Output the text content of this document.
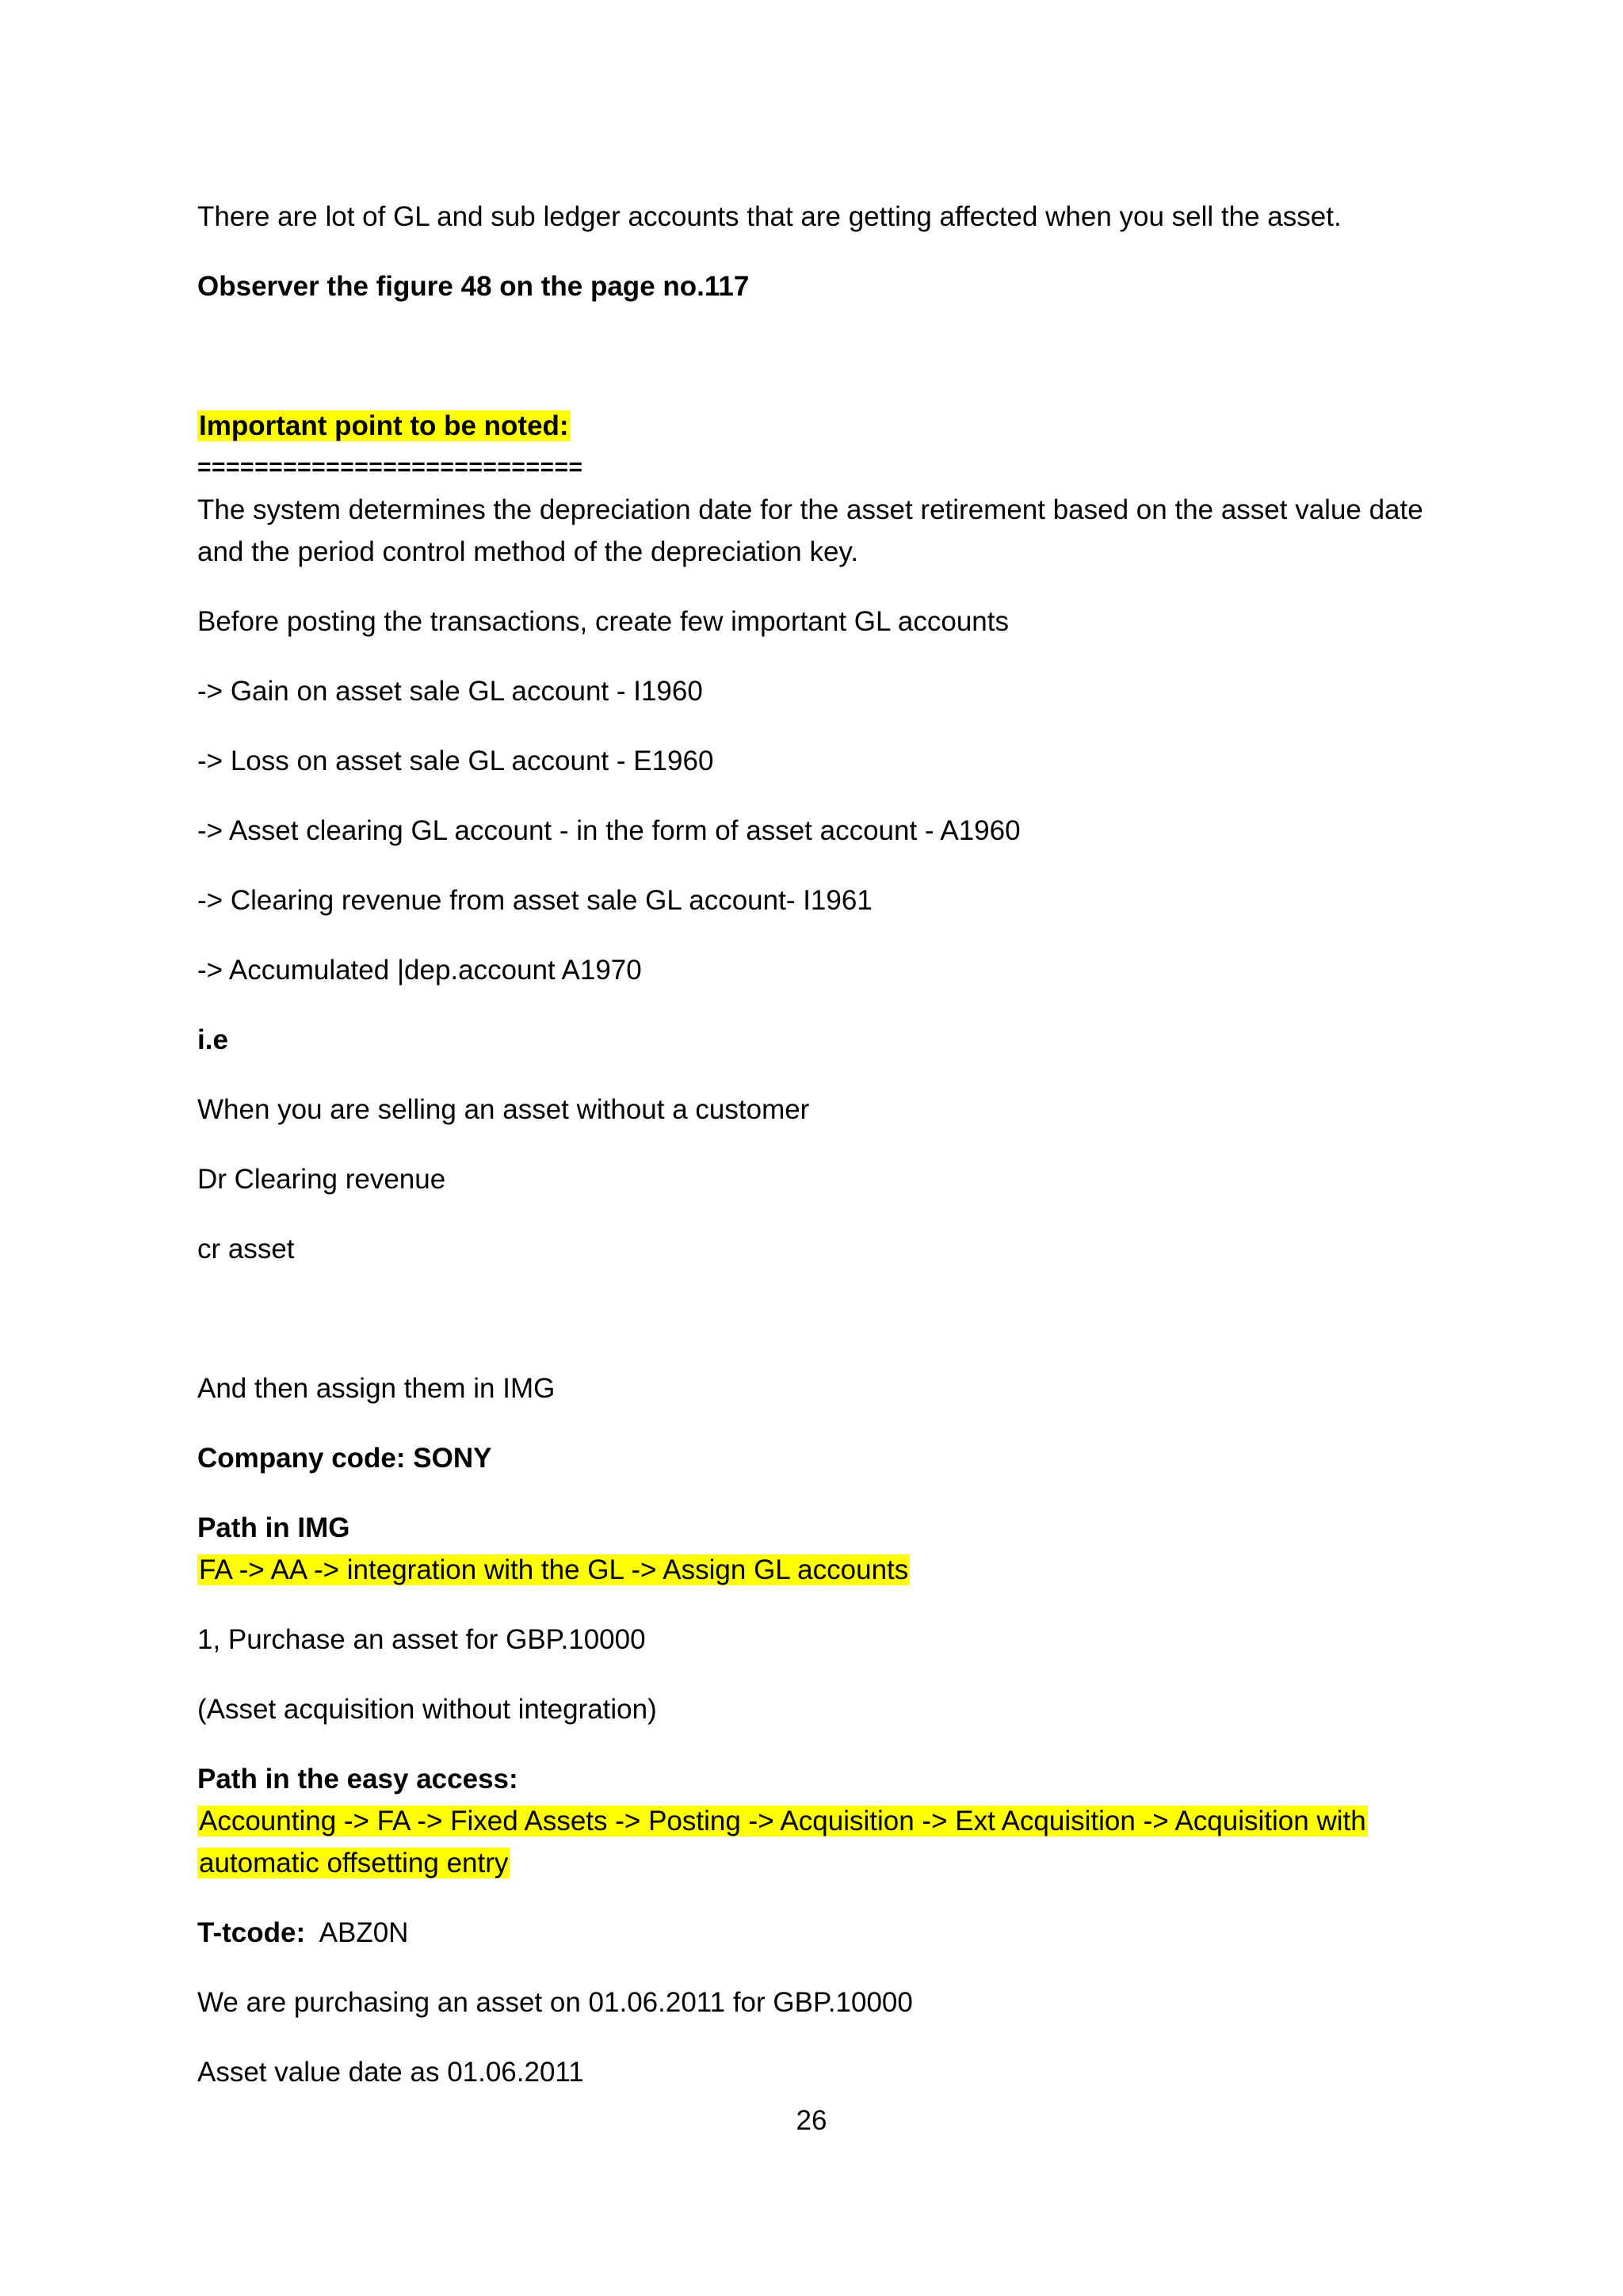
There are lot of GL and sub ledger accounts that are getting affected when you sell the asset.
Observer the figure 48 on the page no.117
Important point to be noted:
===========================
The system determines the depreciation date for the asset retirement based on the asset value date
and the period control method of the depreciation key.
Before posting the transactions, create few important GL accounts
-> Gain on asset sale GL account - I1960
-> Loss on asset sale GL account - E1960
-> Asset clearing GL account - in the form of asset account - A1960
-> Clearing revenue from asset sale GL account- I1961
-> Accumulated |dep.account A1970
i.e
When you are selling an asset without a customer
Dr Clearing revenue
cr asset
And then assign them in IMG
Company code: SONY
Path in IMG
FA -> AA -> integration with the GL -> Assign GL accounts
1, Purchase an asset for GBP.10000
(Asset acquisition without integration)
Path in the easy access:
Accounting -> FA -> Fixed Assets -> Posting -> Acquisition -> Ext Acquisition -> Acquisition with
automatic offsetting entry
T-tcode: ABZ0N
We are purchasing an asset on 01.06.2011 for GBP.10000
Asset value date as 01.06.2011
26
